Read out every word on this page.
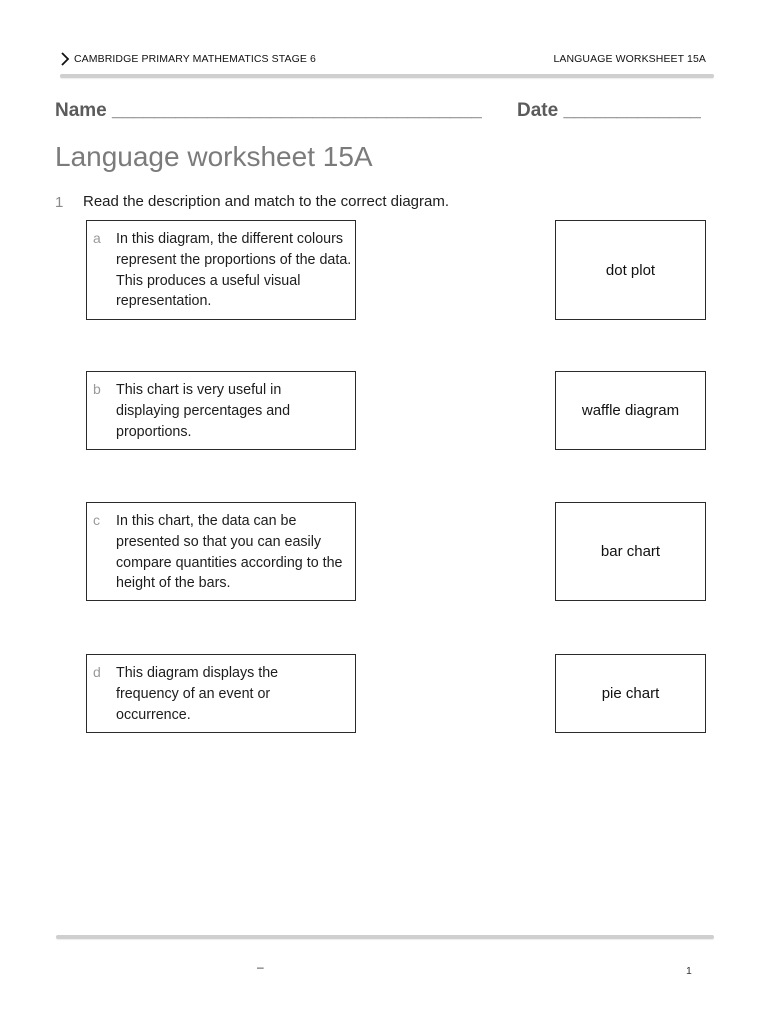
CAMBRIDGE PRIMARY MATHEMATICS STAGE 6	LANGUAGE WORKSHEET 15A
Name ___________________________________ Date _____________
Language worksheet 15A
1 Read the description and match to the correct diagram.
a In this diagram, the different colours represent the proportions of the data. This produces a useful visual representation.
b This chart is very useful in displaying percentages and proportions.
c In this chart, the data can be presented so that you can easily compare quantities according to the height of the bars.
d This diagram displays the frequency of an event or occurrence.
dot plot
waffle diagram
bar chart
pie chart
–	1
